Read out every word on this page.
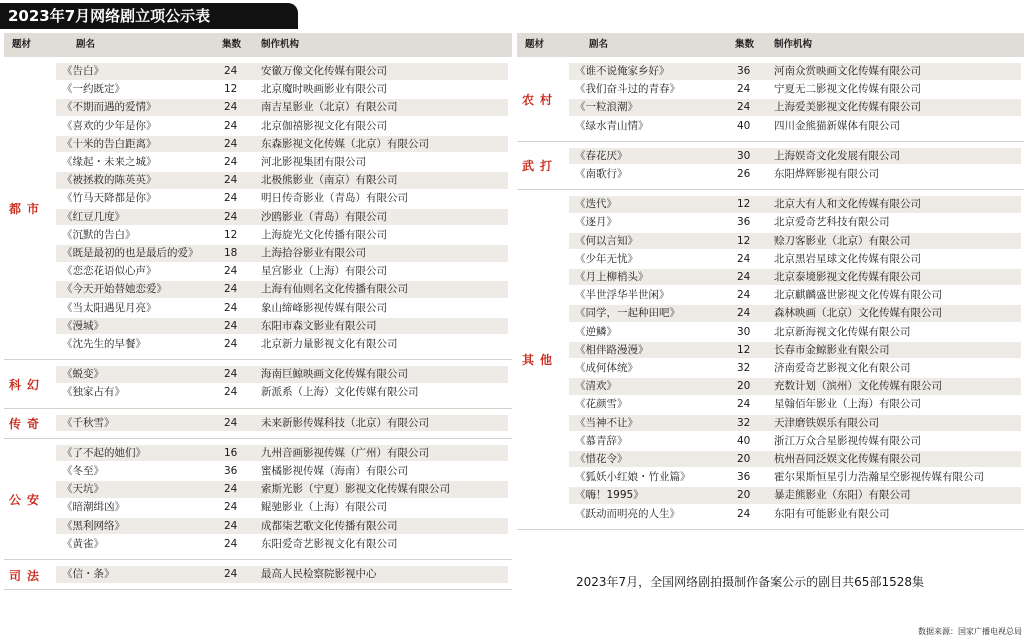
2023年7月网络剧立项公示表
题材	剧名	集数 制作机构
都市
《告白》	24 安徽万像文化传媒有限公司
《一约既定》	12 北京魔时映画影业有限公司
《不期而遇的爱情》	24 南吉星影业（北京）有限公司
《喜欢的少年是你》	24 北京伽禧影视文化有限公司
《十米的告白距离》	24 东森影视文化传媒（北京）有限公司
《缘起・未来之城》	24 河北影视集团有限公司
《被拯救的陈英英》	24 北极熊影业（南京）有限公司
《竹马天降都是你》	24 明日传奇影业（青岛）有限公司
《红豆几度》	24 沙鸥影业（青岛）有限公司
《沉默的告白》	12 上海旋光文化传播有限公司
《既是最初的也是最后的爱》 18 上海拾谷影业有限公司
《恋恋花语似心声》	24 星宫影业（上海）有限公司
《今天开始替她恋爱》	24 上海有仙则名文化传播有限公司
《当太阳遇见月亮》	24 象山缔峰影视传媒有限公司
《漫城》	24 东阳市森文影业有限公司
《沈先生的早餐》	24 北京新力量影视文化有限公司
科幻
《蜕变》	24 海南巨鲸映画文化传媒有限公司
《独家占有》	24 新派系（上海）文化传媒有限公司
传奇	《千秋雪》	24 未来新影传媒科技（北京）有限公司
公安
《了不起的她们》	16 九州音画影视传媒（广州）有限公司
《冬至》	36 蜜橘影视传媒（海南）有限公司
《天坑》	24 索斯光影（宁夏）影视文化传媒有限公司
《暗潮缉凶》	24 鲲驰影业（上海）有限公司
《黑利网络》	24 成都柒艺歌文化传播有限公司
《黄雀》	24 东阳爱奇艺影视文化有限公司
司法	《信・条》	24 最高人民检察院影视中心
题材	剧名	集数 制作机构
农村
《谁不说俺家乡好》	36 河南众赏映画文化传媒有限公司
《我们奋斗过的青春》	24 宁夏无二影视文化传媒有限公司
《一粒浪潮》	24 上海爱美影视文化传媒有限公司
《绿水青山情》	40 四川金熊猫新媒体有限公司
武打
《春花厌》	30 上海娱奇文化发展有限公司
《南歌行》	26 东阳烨辉影视有限公司
其他
《迭代》	12 北京大有人和文化传媒有限公司
《逐月》	36 北京爱奇艺科技有限公司
《何以言知》	12 赊刀客影业（北京）有限公司
《少年无忧》	24 北京黑岩星球文化传媒有限公司
《月上柳梢头》	24 北京泰境影视文化传媒有限公司
《半世浮华半世闲》	24 北京麒麟盛世影视文化传媒有限公司
《同学，一起种田吧》	24 森林映画（北京）文化传媒有限公司
《逆鳞》	30 北京新海视文化传媒有限公司
《相伴路漫漫》	12 长春市金鲸影业有限公司
《成何体统》	32 济南爱奇艺影视文化有限公司
《清欢》	20 充数计划（滨州）文化传媒有限公司
《花颜雪》	24 星翰佰年影业（上海）有限公司
《当神不让》	32 天津磨铁娱乐有限公司
《慕青辞》	40 浙江万众合星影视传媒有限公司
《惜花令》	20 杭州吾同泛娱文化传媒有限公司
《狐妖小红娘・竹业篇》	36 霍尔果斯恒星引力浩瀚星空影视传媒有限公司
《嗨！1995》	20 暴走熊影业（东阳）有限公司
《跃动而明亮的人生》	24 东阳有可能影业有限公司
2023年7月，全国网络剧拍摄制作备案公示的剧目共65部1528集
数据来源：国家广播电视总局
